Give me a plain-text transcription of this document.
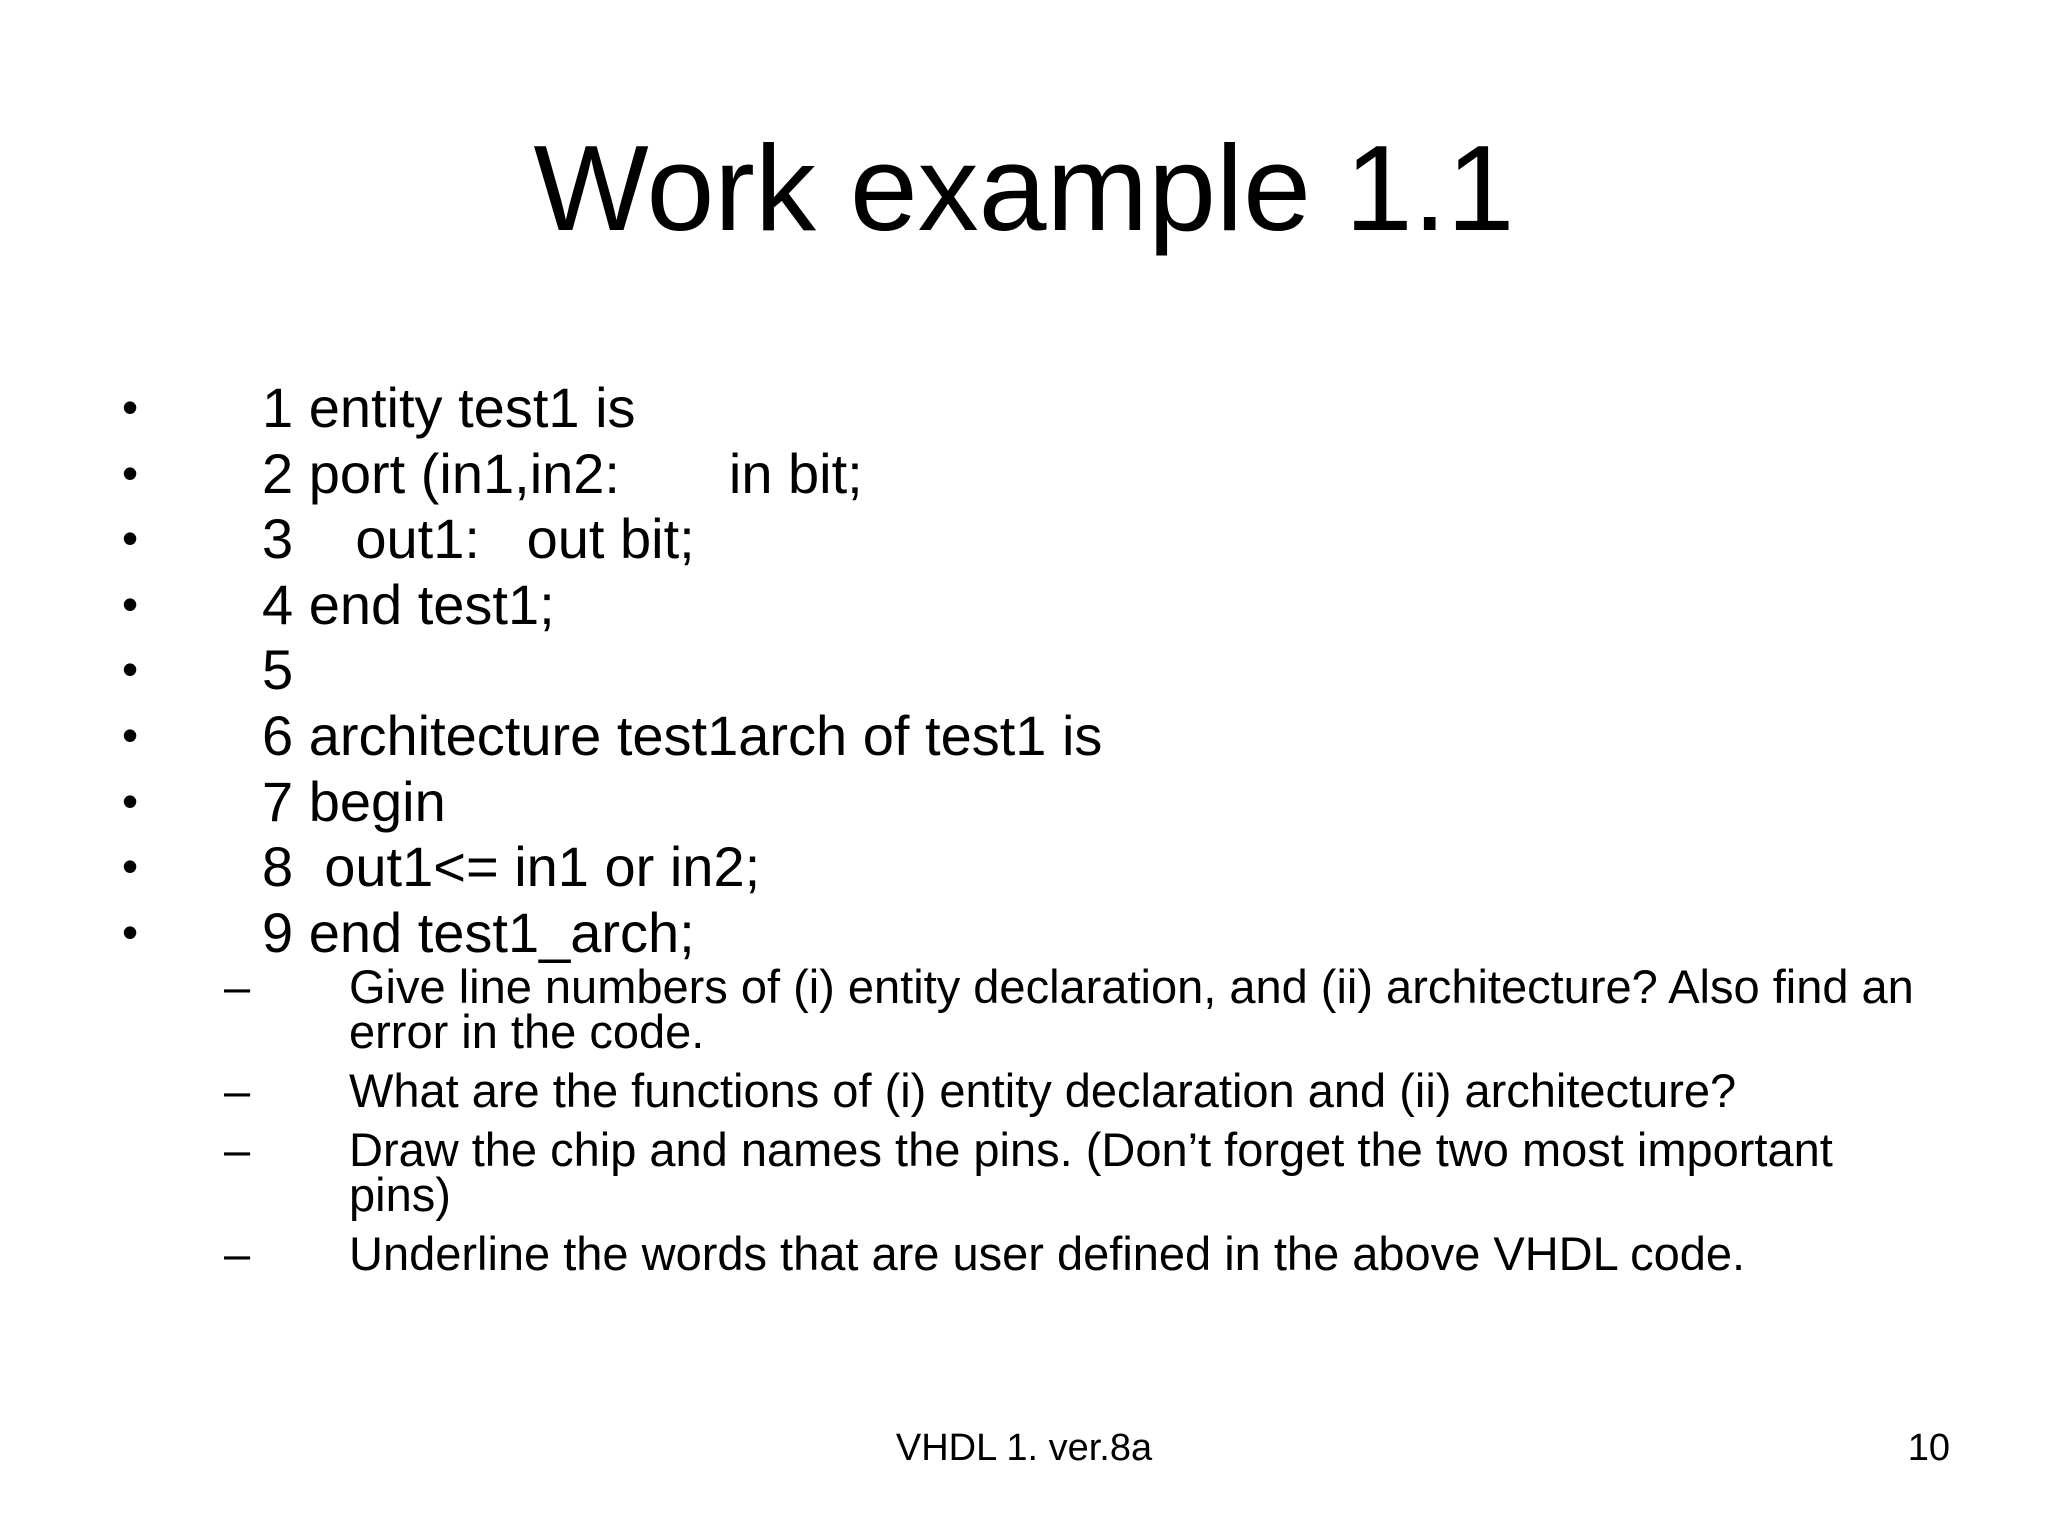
Work example 1.1

•

1 entity test1 is

•

2 port (in1,in2:       in bit;

•

3    out1:   out bit;

•

4 end test1;

•

5

•

6 architecture test1arch of test1 is

•

7 begin

•

8  out1<= in1 or in2;

•

9 end test1_arch;

– Give line numbers of (i) entity declaration, and (ii) architecture? Also find an error in the code.
– What are the functions of (i) entity declaration and (ii) architecture?
– Draw the chip and names the pins. (Don’t forget the two most important pins)
– Underline the words that are user defined in the above VHDL code.
VHDL 1. ver.8a	10
